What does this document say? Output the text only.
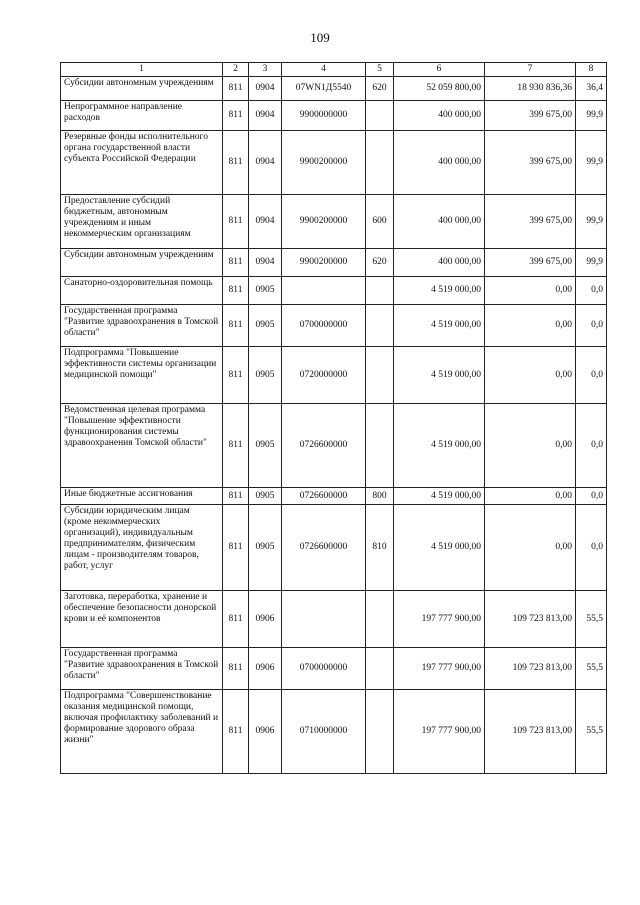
109
1	2	3	4	5	6	7	8
Субсидии автономным учреждениям	811	0904	07WN1Д5540	620	52 059 800,00	18 930 836,36	36,4
Непрограммное направление расходов	811	0904	9900000000		400 000,00	399 675,00	99,9
Резервные фонды исполнительного органа государственной власти субъекта Российской Федерации	811	0904	9900200000		400 000,00	399 675,00	99,9
Предоставление субсидий бюджетным, автономным учреждениям и иным некоммерческим организациям	811	0904	9900200000	600	400 000,00	399 675,00	99,9
Субсидии автономным учреждениям	811	0904	9900200000	620	400 000,00	399 675,00	99,9
Санаторно-оздоровительная помощь	811	0905			4 519 000,00	0,00	0,0
Государственная программа "Развитие здравоохранения в Томской области"	811	0905	0700000000		4 519 000,00	0,00	0,0
Подпрограмма "Повышение эффективности системы организации медицинской помощи"	811	0905	0720000000		4 519 000,00	0,00	0,0
Ведомственная целевая программа "Повышение эффективности функционирования системы здравоохранения Томской области"	811	0905	0726600000		4 519 000,00	0,00	0,0
Иные бюджетные ассигнования	811	0905	0726600000	800	4 519 000,00	0,00	0,0
Субсидии юридическим лицам (кроме некоммерческих организаций), индивидуальным предпринимателям, физическим лицам - производителям товаров, работ, услуг	811	0905	0726600000	810	4 519 000,00	0,00	0,0
Заготовка, переработка, хранение и обеспечение безопасности донорской крови и её компонентов	811	0906			197 777 900,00	109 723 813,00	55,5
Государственная программа "Развитие здравоохранения в Томской области"	811	0906	0700000000		197 777 900,00	109 723 813,00	55,5
Подпрограмма "Совершенствование оказания медицинской помощи, включая профилактику заболеваний и формирование здорового образа жизни"	811	0906	0710000000		197 777 900,00	109 723 813,00	55,5
